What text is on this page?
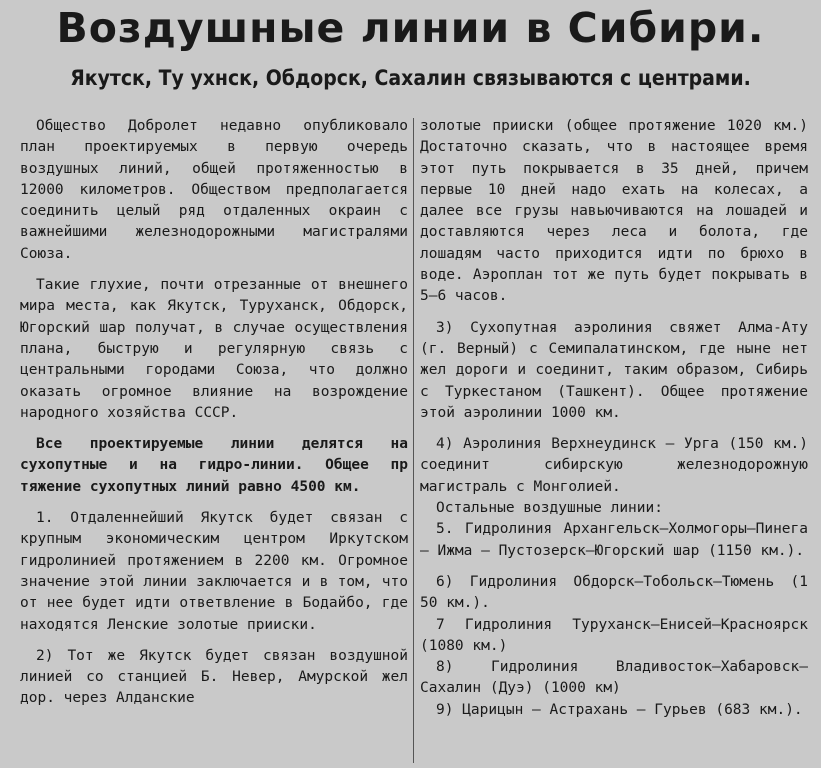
Воздушные линии в Сибири.
Якутск, Ту ухнск, Обдорск, Сахалин связываются с центрами.

Общество Добролет недавно опубликовало план проектируемых в первую очередь воздушных линий, общей протяженностью в 12000 километров. Обществом предполагается соединить целый ряд отдаленных окраин с важнейшими железнодорожными магистралями Союза.

Такие глухие, почти отрезанные от внешнего мира места, как Якутск, Туруханск, Обдорск, Югорский шар получат, в случае осуществления плана, быструю и регулярную связь с центральными городами Союза, что должно оказать огромное влияние на возрождение народного хозяйства СССР.

Все проектируемые линии делятся на сухопутные и на гидро-линии. Общее пр тяжение сухопутных линий равно 4500 км.

1. Отдаленнейший Якутск будет связан с крупным экономическим центром Иркутском гидролинией протяжением в 2200 км. Огромное значение этой линии заключается и в том, что от нее будет идти ответвление в Бодайбо, где находятся Ленские золотые прииски.

2) Тот же Якутск будет связан воздушной линией со станцией Б. Невер, Амурской жел дор. через Алданские

золотые прииски (общее протяжение 1020 км.) Достаточно сказать, что в настоящее время этот путь покрывается в 35 дней, причем первые 10 дней надо ехать на колесах, а далее все грузы навьючиваются на лошадей и доставляются через леса и болота, где лошадям часто приходится идти по брюхо в воде. Аэроплан тот же путь будет покрывать в 5—6 часов.

3) Сухопутная аэролиния свяжет Алма-Ату (г. Верный) с Семипалатинском, где ныне нет жел дороги и соединит, таким образом, Сибирь с Туркестаном (Ташкент). Общее протяжение этой аэролинии 1000 км.

4) Аэролиния Верхнеудинск — Урга (150 км.) соединит сибирскую железнодорожную магистраль с Монголией.

Остальные воздушные линии:

5. Гидролиния Архангельск—Холмогоры—Пинега — Ижма — Пустозерск—Югорский шар (1150 км.).

6) Гидролиния Обдорск—Тобольск—Тюмень (1 50 км.).

7 Гидролиния Туруханск—Енисей—Красноярск (1080 км.)

8) Гидролиния Владивосток—Хабаровск—Сахалин (Дуэ) (1000 км)

9) Царицын — Астрахань — Гурьев (683 км.).
